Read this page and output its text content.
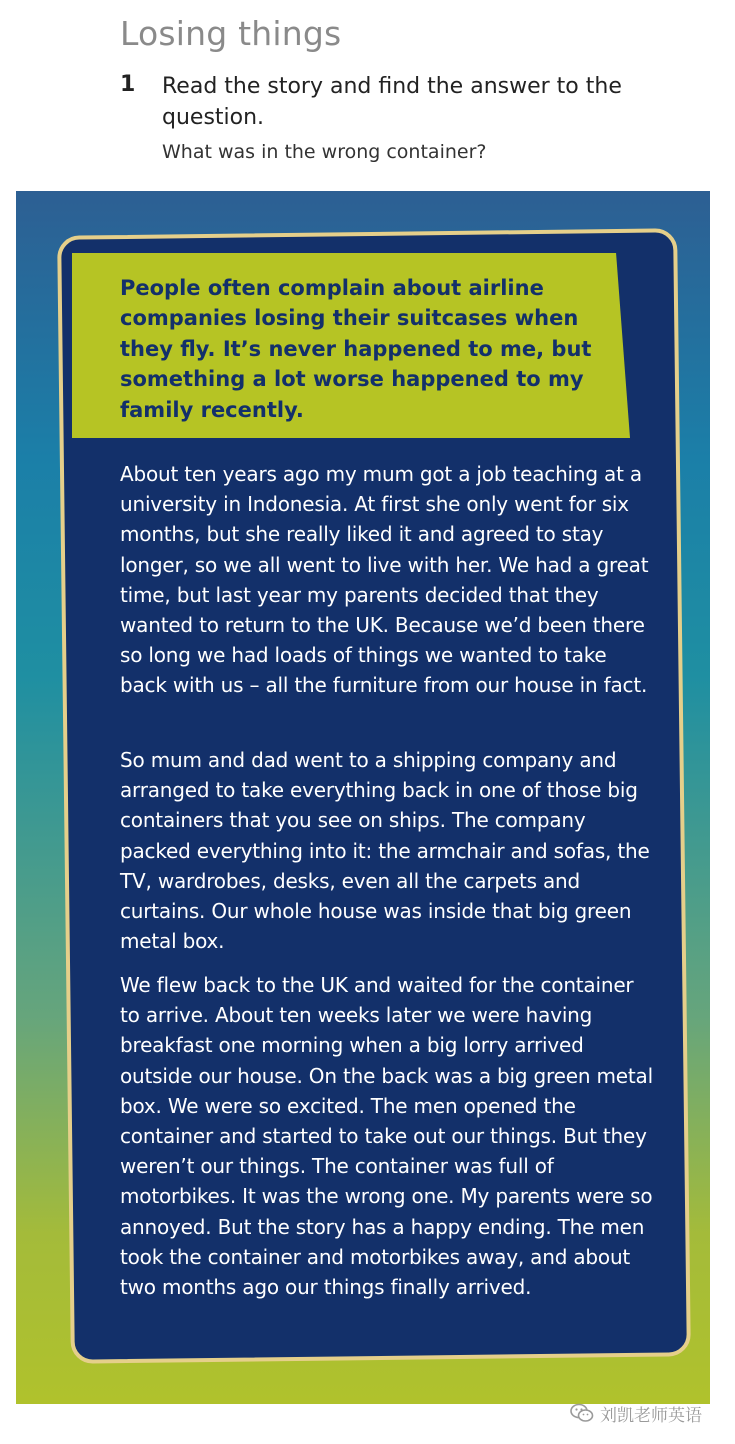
Losing things
1 Read the story and find the answer to the question.
What was in the wrong container?
People often complain about airline companies losing their suitcases when they fly. It’s never happened to me, but something a lot worse happened to my family recently.
About ten years ago my mum got a job teaching at a university in Indonesia. At first she only went for six months, but she really liked it and agreed to stay longer, so we all went to live with her. We had a great time, but last year my parents decided that they wanted to return to the UK. Because we’d been there so long we had loads of things we wanted to take back with us – all the furniture from our house in fact.
So mum and dad went to a shipping company and arranged to take everything back in one of those big containers that you see on ships. The company packed everything into it: the armchair and sofas, the TV, wardrobes, desks, even all the carpets and curtains. Our whole house was inside that big green metal box.
We flew back to the UK and waited for the container to arrive. About ten weeks later we were having breakfast one morning when a big lorry arrived outside our house. On the back was a big green metal box. We were so excited. The men opened the container and started to take out our things. But they weren’t our things. The container was full of motorbikes. It was the wrong one. My parents were so annoyed. But the story has a happy ending. The men took the container and motorbikes away, and about two months ago our things finally arrived.
刘凯老师英语
